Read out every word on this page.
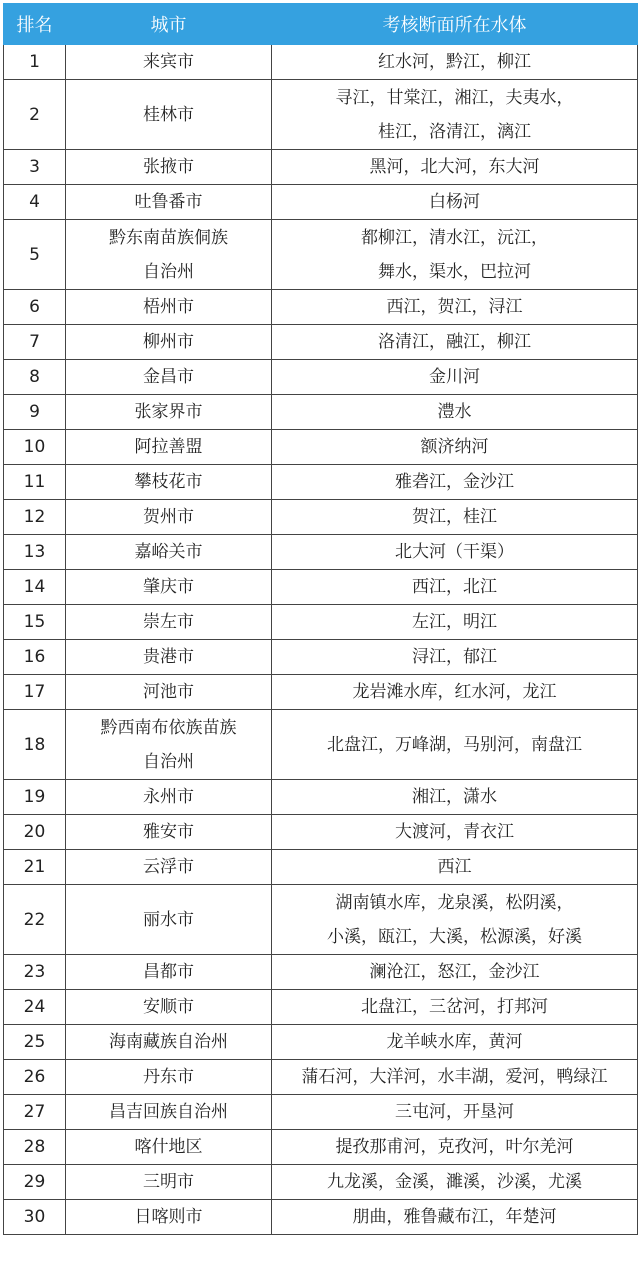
排名	城市	考核断面所在水体
1	来宾市	红水河，黔江，柳江

2	桂林市	寻江，甘棠江，湘江，夫夷水，
桂江，洛清江，漓江

3	张掖市	黑河，北大河，东大河

4	吐鲁番市	白杨河

5	黔东南苗族侗族
自治州	都柳江，清水江，沅江，
舞水，渠水，巴拉河

6	梧州市	西江，贺江，浔江

7	柳州市	洛清江，融江，柳江

8	金昌市	金川河

9	张家界市	澧水

10	阿拉善盟	额济纳河

11	攀枝花市	雅砻江，金沙江

12	贺州市	贺江，桂江

13	嘉峪关市	北大河（干渠）

14	肇庆市	西江，北江

15	崇左市	左江，明江

16	贵港市	浔江，郁江

17	河池市	龙岩滩水库，红水河，龙江

18	黔西南布依族苗族
自治州	北盘江，万峰湖，马别河，南盘江

19	永州市	湘江，潇水

20	雅安市	大渡河，青衣江

21	云浮市	西江

22	丽水市	湖南镇水库，龙泉溪，松阴溪，
小溪，瓯江，大溪，松源溪，好溪

23	昌都市	澜沧江，怒江，金沙江

24	安顺市	北盘江，三岔河，打邦河

25	海南藏族自治州	龙羊峡水库，黄河

26	丹东市	蒲石河，大洋河，水丰湖，爱河，鸭绿江

27	昌吉回族自治州	三屯河，开垦河

28	喀什地区	提孜那甫河，克孜河，叶尔羌河

29	三明市	九龙溪，金溪，濉溪，沙溪，尤溪

30	日喀则市	朋曲，雅鲁藏布江，年楚河
